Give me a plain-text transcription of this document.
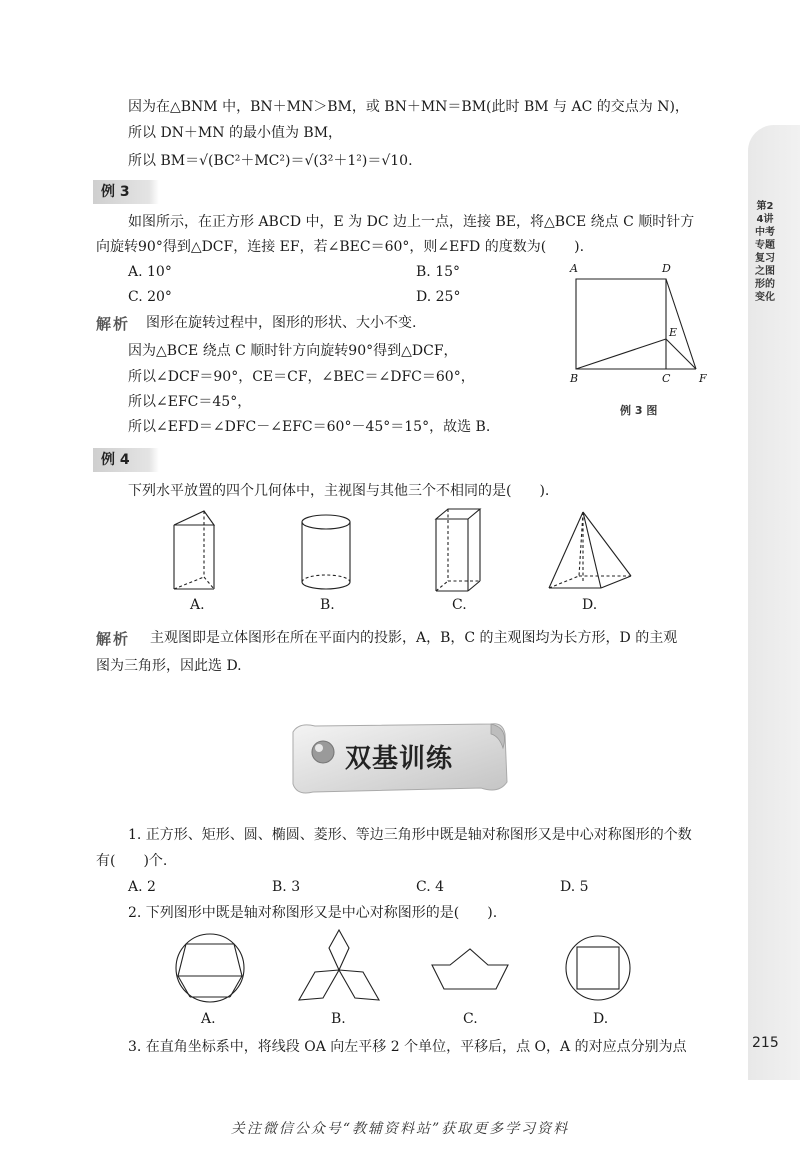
第24讲 中考专题复习之图形的变化
215
因为在△BNM 中，BN＋MN＞BM，或 BN＋MN＝BM(此时 BM 与 AC 的交点为 N)，
所以 DN＋MN 的最小值为 BM，
所以 BM＝√(BC²＋MC²)＝√(3²＋1²)＝√10.
例 3
如图所示，在正方形 ABCD 中，E 为 DC 边上一点，连接 BE，将△BCE 绕点 C 顺时针方
向旋转90°得到△DCF，连接 EF，若∠BEC＝60°，则∠EFD 的度数为(　　).
A. 10°	B. 15°
C. 20°	D. 25°
解析 图形在旋转过程中，图形的形状、大小不变.
因为△BCE 绕点 C 顺时针方向旋转90°得到△DCF，
所以∠DCF＝90°，CE＝CF，∠BEC＝∠DFC＝60°，
所以∠EFC＝45°，
所以∠EFD＝∠DFC－∠EFC＝60°－45°＝15°，故选 B.
A	D
E
B	C	F
例 3 图
例 4
下列水平放置的四个几何体中，主视图与其他三个不相同的是(　　).
A.	B.	C.	D.
解析 主观图即是立体图形在所在平面内的投影，A，B，C 的主观图均为长方形，D 的主观
图为三角形，因此选 D.
双基训练
1. 正方形、矩形、圆、椭圆、菱形、等边三角形中既是轴对称图形又是中心对称图形的个数
有(　　)个.
A. 2	B. 3	C. 4	D. 5
2. 下列图形中既是轴对称图形又是中心对称图形的是(　　).
A.	B.	C.	D.
3. 在直角坐标系中，将线段 OA 向左平移 2 个单位，平移后，点 O，A 的对应点分别为点
关注微信公众号“教辅资料站”获取更多学习资料
